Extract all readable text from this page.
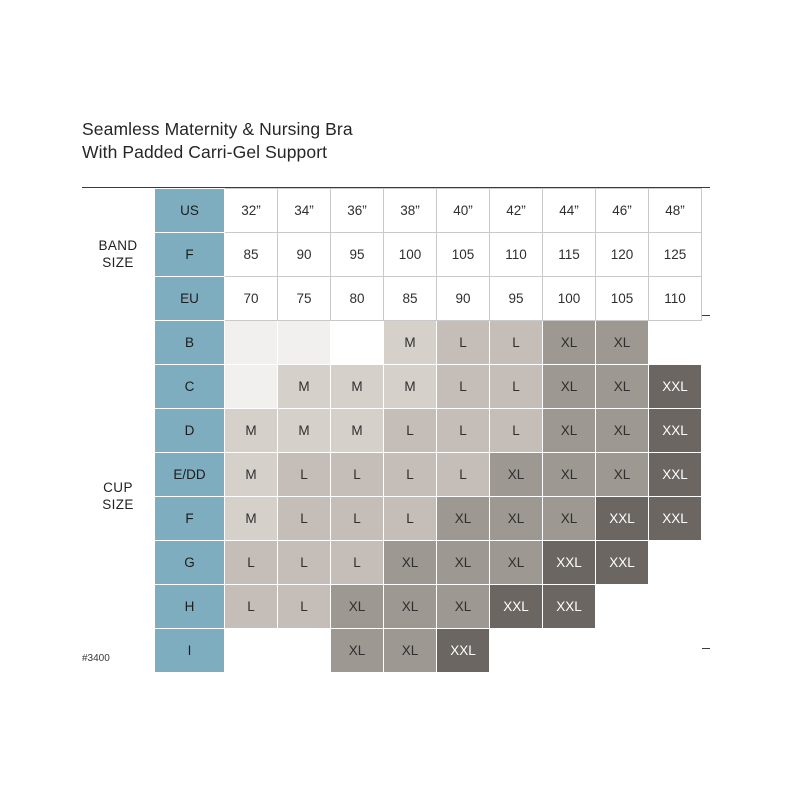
Seamless Maternity & Nursing Bra
With Padded Carri-Gel Support
BAND
SIZE	US	32”	34”	36”	38”	40”	42”	44”	46”	48”
	F	85	90	95	100	105	110	115	120	125
	EU	70	75	80	85	90	95	100	105	110

CUP
SIZE	B				M	L	L	XL	XL	
	C		M	M	M	L	L	XL	XL	XXL
	D	M	M	M	L	L	L	XL	XL	XXL
	E/DD	M	L	L	L	L	XL	XL	XL	XXL
	F	M	L	L	L	XL	XL	XL	XXL	XXL
	G	L	L	L	XL	XL	XL	XXL	XXL	
	H	L	L	XL	XL	XL	XXL	XXL		
	I			XL	XL	XXL				
#3400
